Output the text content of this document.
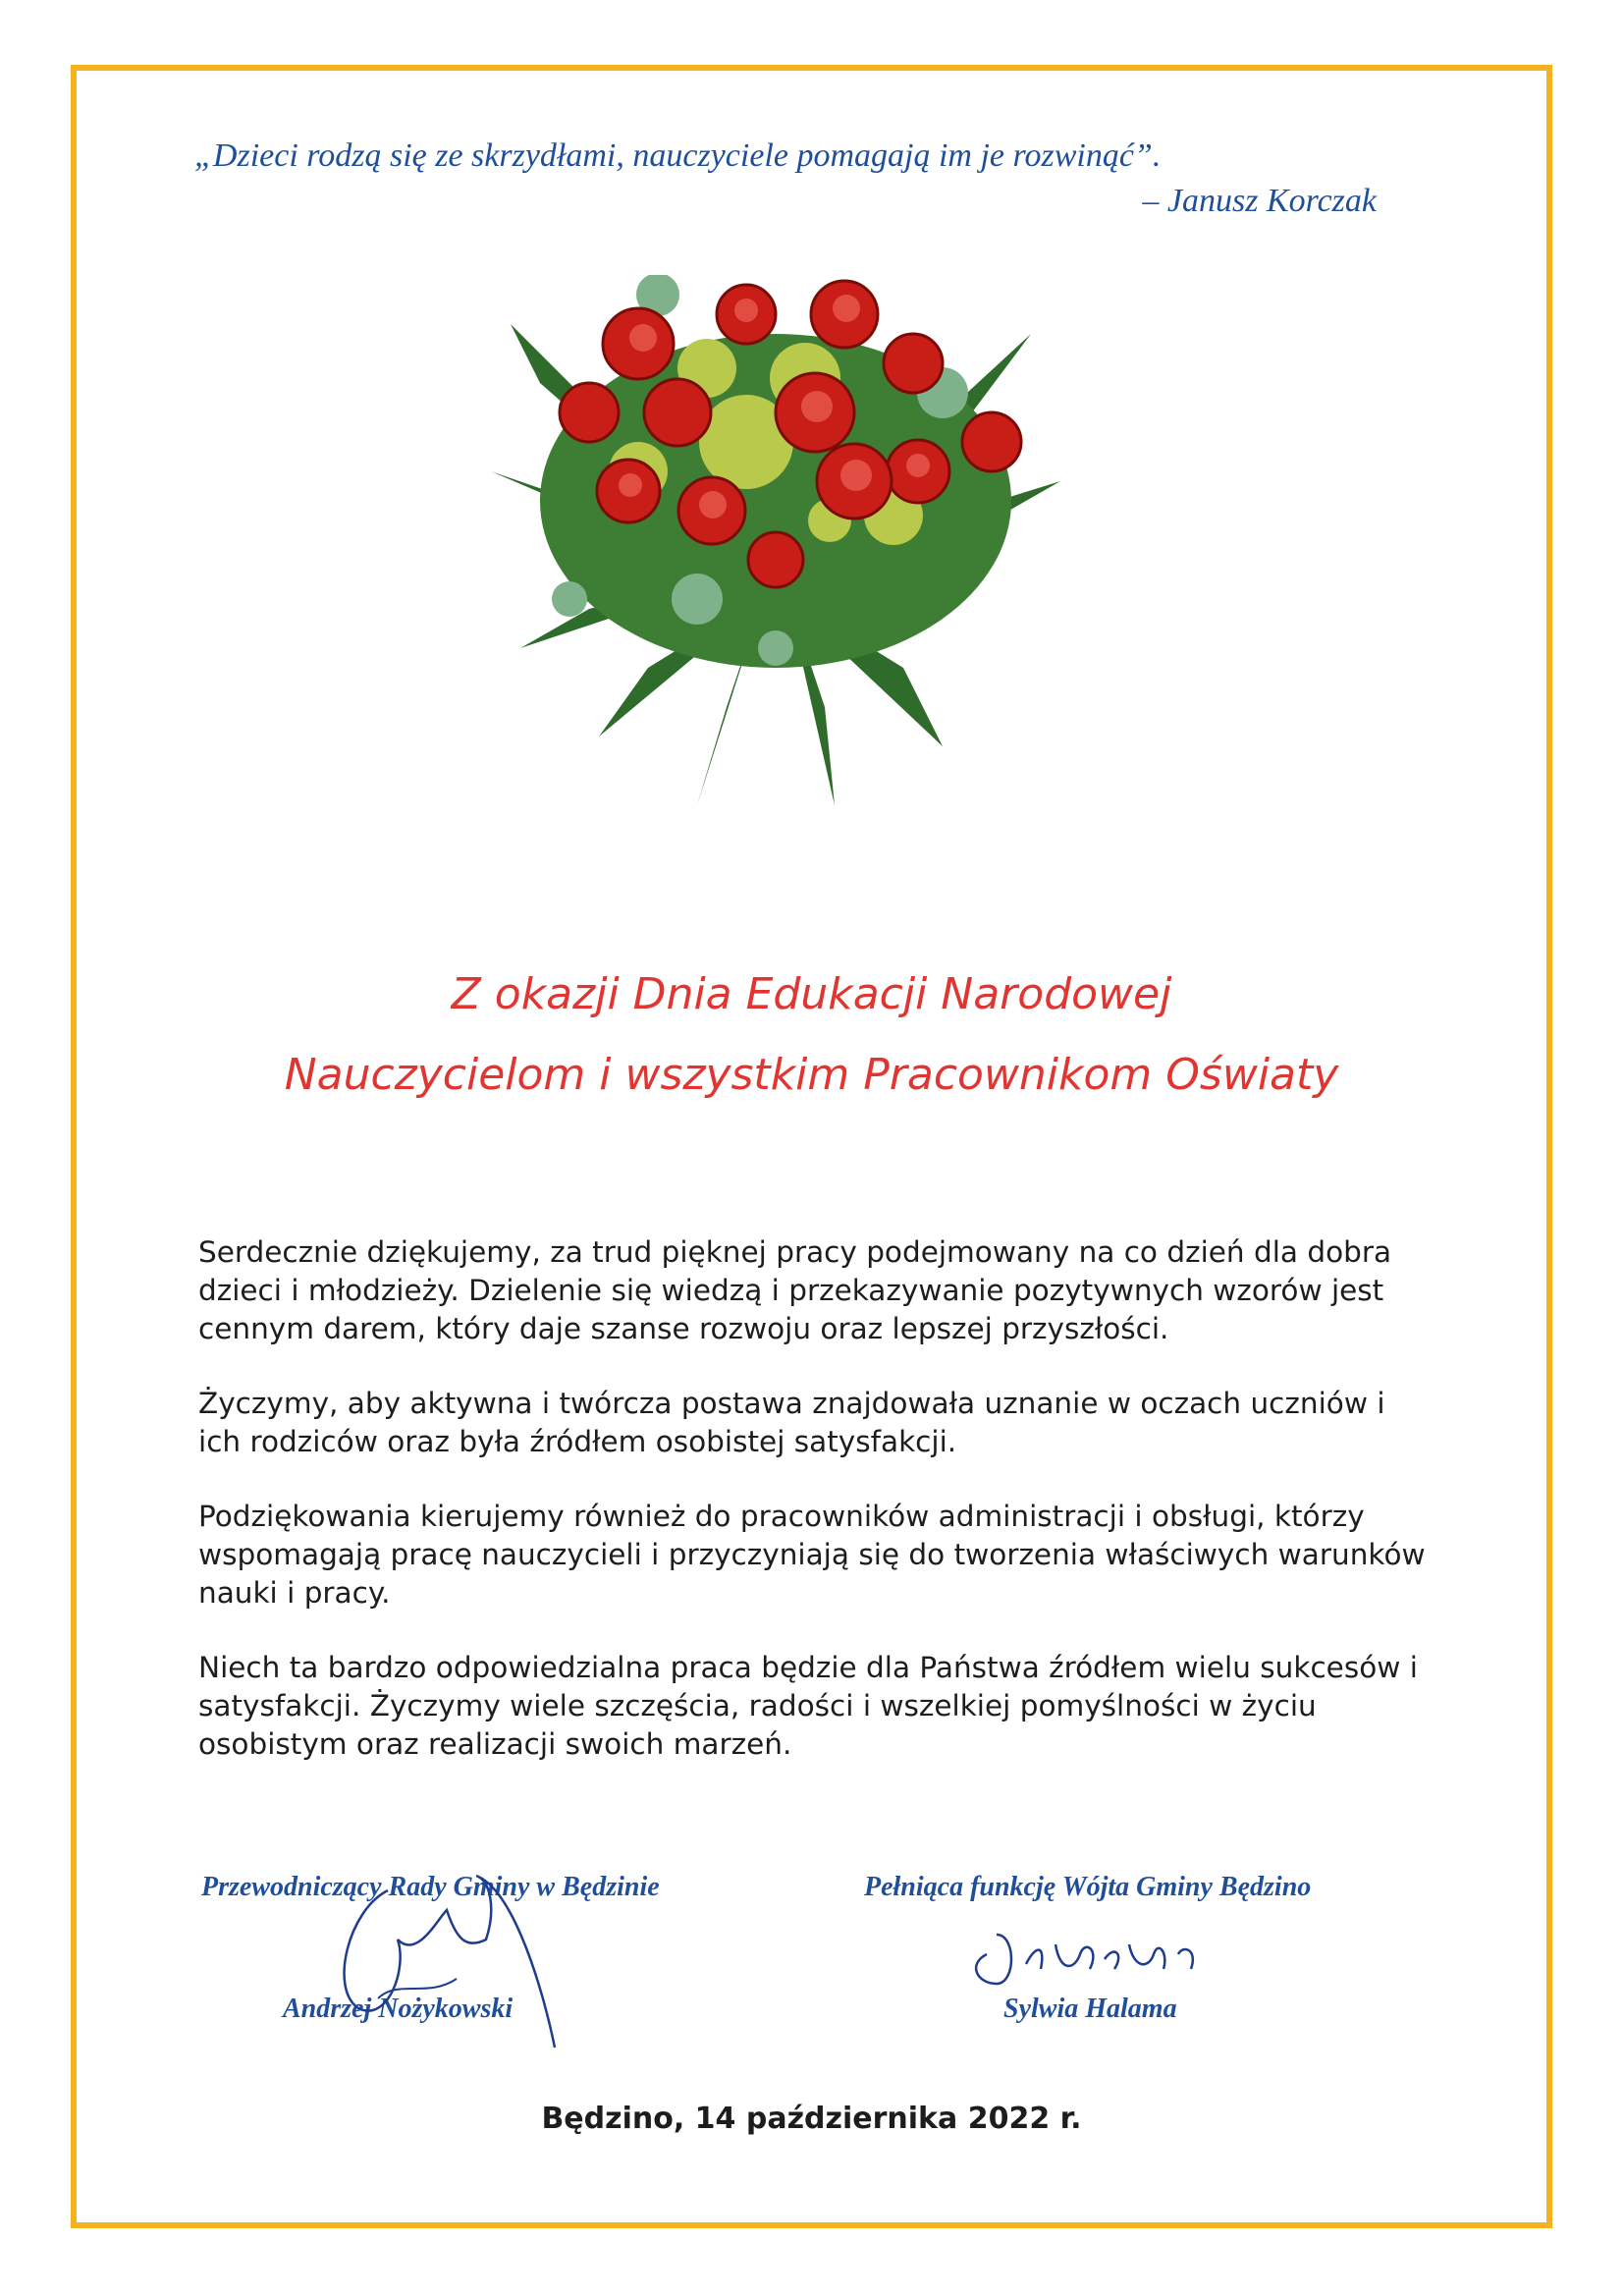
„Dzieci rodzą się ze skrzydłami, nauczyciele pomagają im je rozwinąć”.
– Janusz Korczak
Z okazji Dnia Edukacji Narodowej
Nauczycielom i wszystkim Pracownikom Oświaty

Serdecznie dziękujemy, za trud pięknej pracy podejmowany na co dzień dla dobra dzieci i młodzieży. Dzielenie się wiedzą i przekazywanie pozytywnych wzorów jest cennym darem, który daje szanse rozwoju oraz lepszej przyszłości.

Życzymy, aby aktywna i twórcza postawa znajdowała uznanie w oczach uczniów i ich rodziców oraz była źródłem osobistej satysfakcji.

Podziękowania kierujemy również do pracowników administracji i obsługi, którzy wspomagają pracę nauczycieli i przyczyniają się do tworzenia właściwych warunków nauki i pracy.

Niech ta bardzo odpowiedzialna praca będzie dla Państwa źródłem wielu sukcesów i satysfakcji. Życzymy wiele szczęścia, radości i wszelkiej pomyślności w życiu osobistym oraz realizacji swoich marzeń.

Przewodniczący Rady Gminy w Będzinie
Andrzej Nożykowski
Pełniąca funkcję Wójta Gminy Będzino
Sylwia Halama
Będzino, 14 października 2022 r.
